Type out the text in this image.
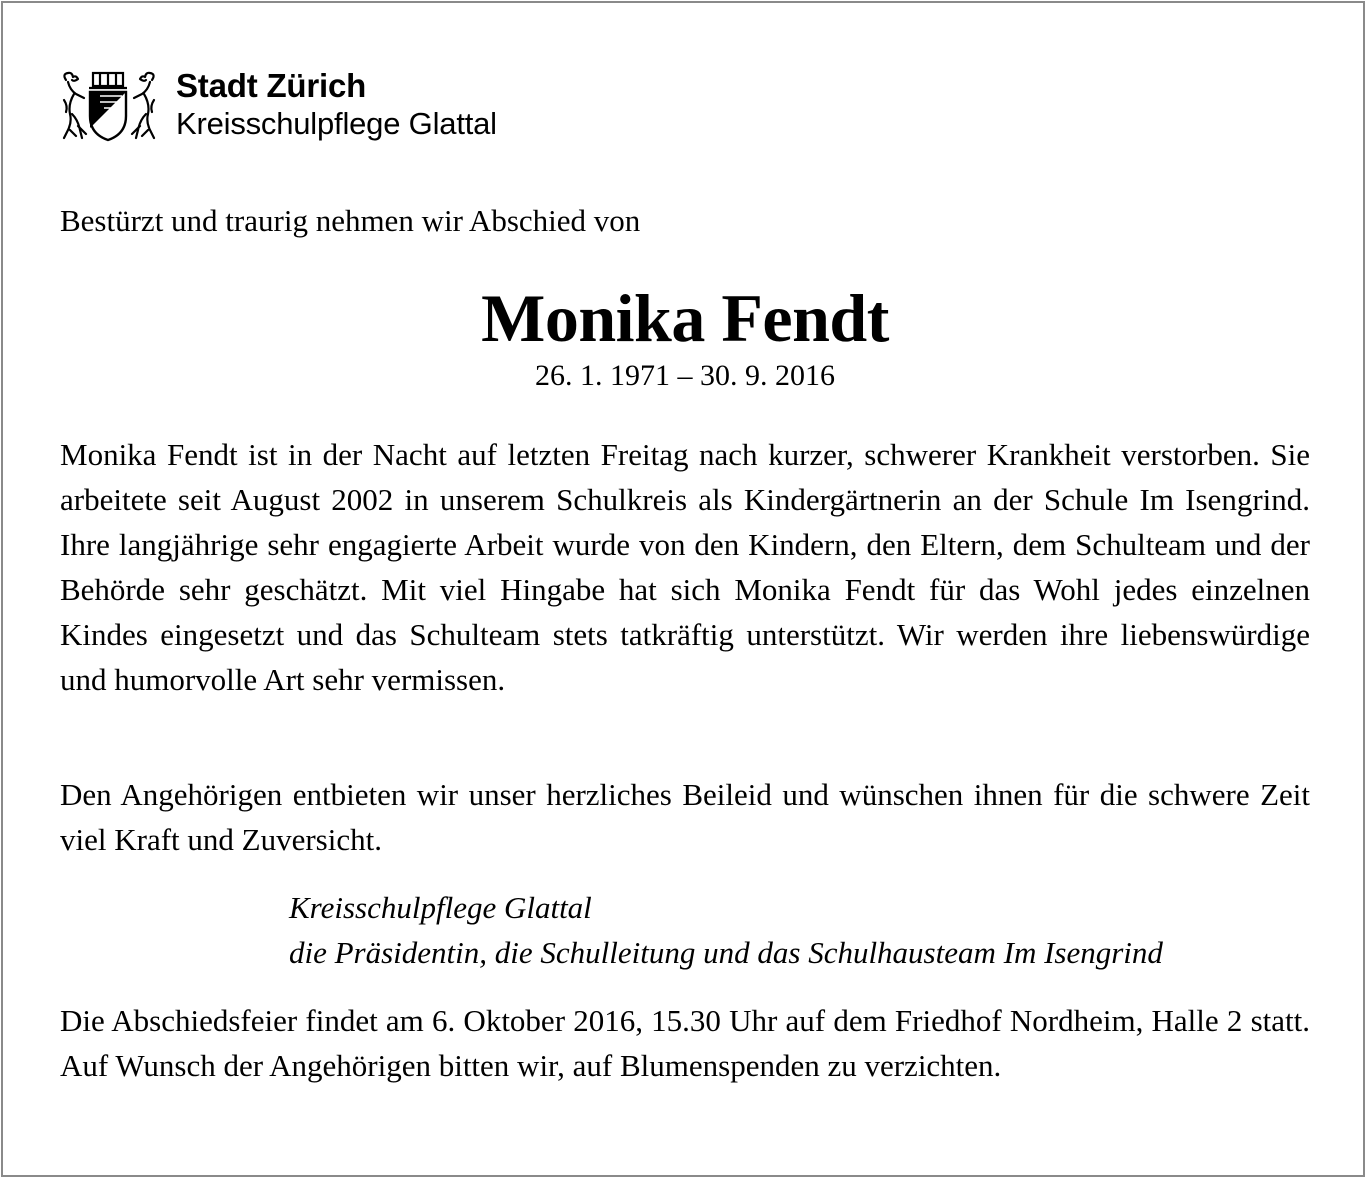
Stadt Zürich
Kreisschulpflege Glattal
Bestürzt und traurig nehmen wir Abschied von
Monika Fendt
26. 1. 1971 – 30. 9. 2016

Monika Fendt ist in der Nacht auf letzten Freitag nach kurzer, schwerer Krankheit verstorben. Sie arbeitete seit August 2002 in unserem Schulkreis als Kindergärtnerin an der Schule Im Isengrind. Ihre langjährige sehr engagierte Arbeit wurde von den Kindern, den Eltern, dem Schulteam und der Behörde sehr geschätzt. Mit viel Hingabe hat sich Monika Fendt für das Wohl jedes einzelnen Kindes eingesetzt und das Schulteam stets tatkräftig unterstützt. Wir werden ihre liebenswürdige und humorvolle Art sehr vermissen.

Den Angehörigen entbieten wir unser herzliches Beileid und wünschen ihnen für die schwere Zeit viel Kraft und Zuversicht.

Kreisschulpflege Glattal
die Präsidentin, die Schulleitung und das Schulhausteam Im Isengrind

Die Abschiedsfeier findet am 6. Oktober 2016, 15.30 Uhr auf dem Friedhof Nordheim, Halle 2 statt. Auf Wunsch der Angehörigen bitten wir, auf Blumenspenden zu verzichten.
